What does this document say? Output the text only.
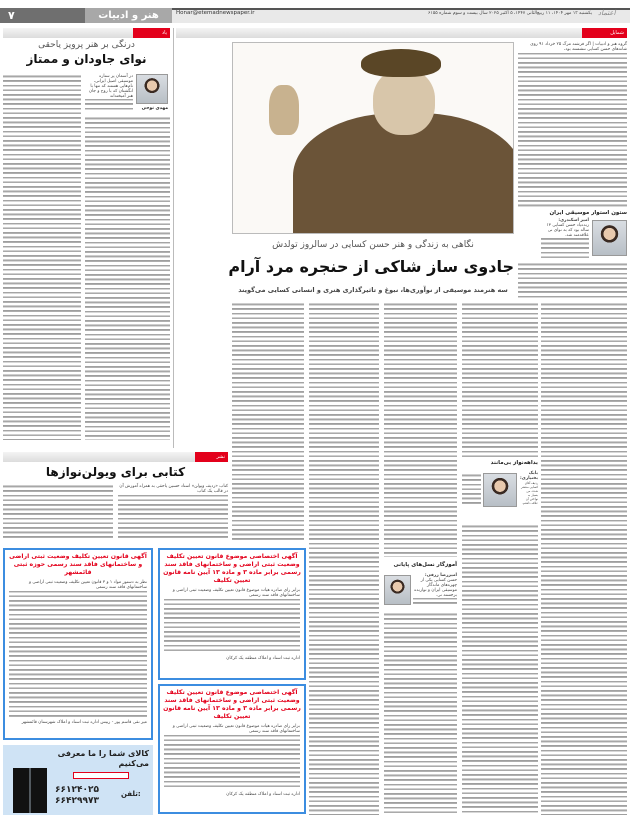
۷	هنر و ادبیات	Honar@etemadnewspaper.ir	یکشنبه ۱۳ مهر ۱۴۰۴، ۱۱ ربیع‌الثانی ۱۴۴۷، ۵ اکتبر ۲۰۲۵ سال بیست و سوم شماره ۶۱۵۵ اعتماد
یاد	شمایل
درنگی بر هنر پرویز یاحقی
نوای جاودان و ممتاز
مهدی نوحی
در آسمان پر ستاره موسیقی اصیل ایرانی، نام‌هایی هستند که تنها با انگشتان که با روح و جان هنر آمیخته‌اند
نشر
کتابی برای ویولن‌نوازها
کتاب «ردیف ویولن» استاد حسین یاحقی به همراه آموزش آن در قالب یک کتاب
آگهی قانون تعیین تکلیف وضعیت ثبتی اراضی و ساختمانهای فاقد سند رسمی حوزه ثبتی قائمشهر
نظر به دستور مواد ۱ و ۳ قانون تعیین تکلیف وضعیت ثبتی اراضی و ساختمانهای فاقد سند رسمی
میر نقی قاسم پور - رییس اداره ثبت اسناد و املاک شهرستان قائمشهر
آگهی اختصاصی موضوع قانون تعیین تکلیف وضعیت ثبتی اراضی و ساختمانهای فاقد سند رسمی برابر ماده ۳ و ماده ۱۳ آیین نامه قانون تعیین تکلیف
برابر رای صادره هیات موضوع قانون تعیین تکلیف وضعیت ثبتی اراضی و ساختمانهای فاقد سند رسمی
اداره ثبت اسناد و املاک منطقه یک کرکان
آگهی اختصاصی موضوع قانون تعیین تکلیف وضعیت ثبتی اراضی و ساختمانهای فاقد سند رسمی برابر ماده ۳ و ماده ۱۳ آیین نامه قانون تعیین تکلیف
برابر رای صادره هیات موضوع قانون تعیین تکلیف وضعیت ثبتی اراضی و ساختمانهای فاقد سند رسمی
اداره ثبت اسناد و املاک منطقه یک کرکان
کالای شما را ما معرفی می‌کنیم
۶۶۱۲۴۰۲۵
۶۶۴۲۹۹۷۳
تلفن:
نگاهی به زندگی و هنر حسن کسایی در سالروز تولدش
جادوی ساز شاکی از حنجره مرد آرام
سه هنرمند موسیقی از نوآوری‌ها، نبوغ و تاثیرگذاری هنری و انسانی کسایی می‌گویند
گروه هنر و ادبیات | اگر فرشته مرگ ۲۵ خرداد ۹۱ روی شانه‌های حسن کسایی ننشسته بود،
ستون استوار موسیقی ایران
امیر اسکندری:
زنده‌یاد حسن کسایی ۱۳ ساله بود که به نوای نی علاقه‌مند شد.
آموزگار نسل‌های پایانی
امیررضا زرفی:
حسن کسایی یکی از چهره‌های ماندگار موسیقی ایران و نوازنده برجسته نی.
بداهه‌نواز بی‌مانند
بابک بختیاری:
ردیف آقای کسایی منتشر شده، من بسیار به نواختن آن علاقه داشتم.
